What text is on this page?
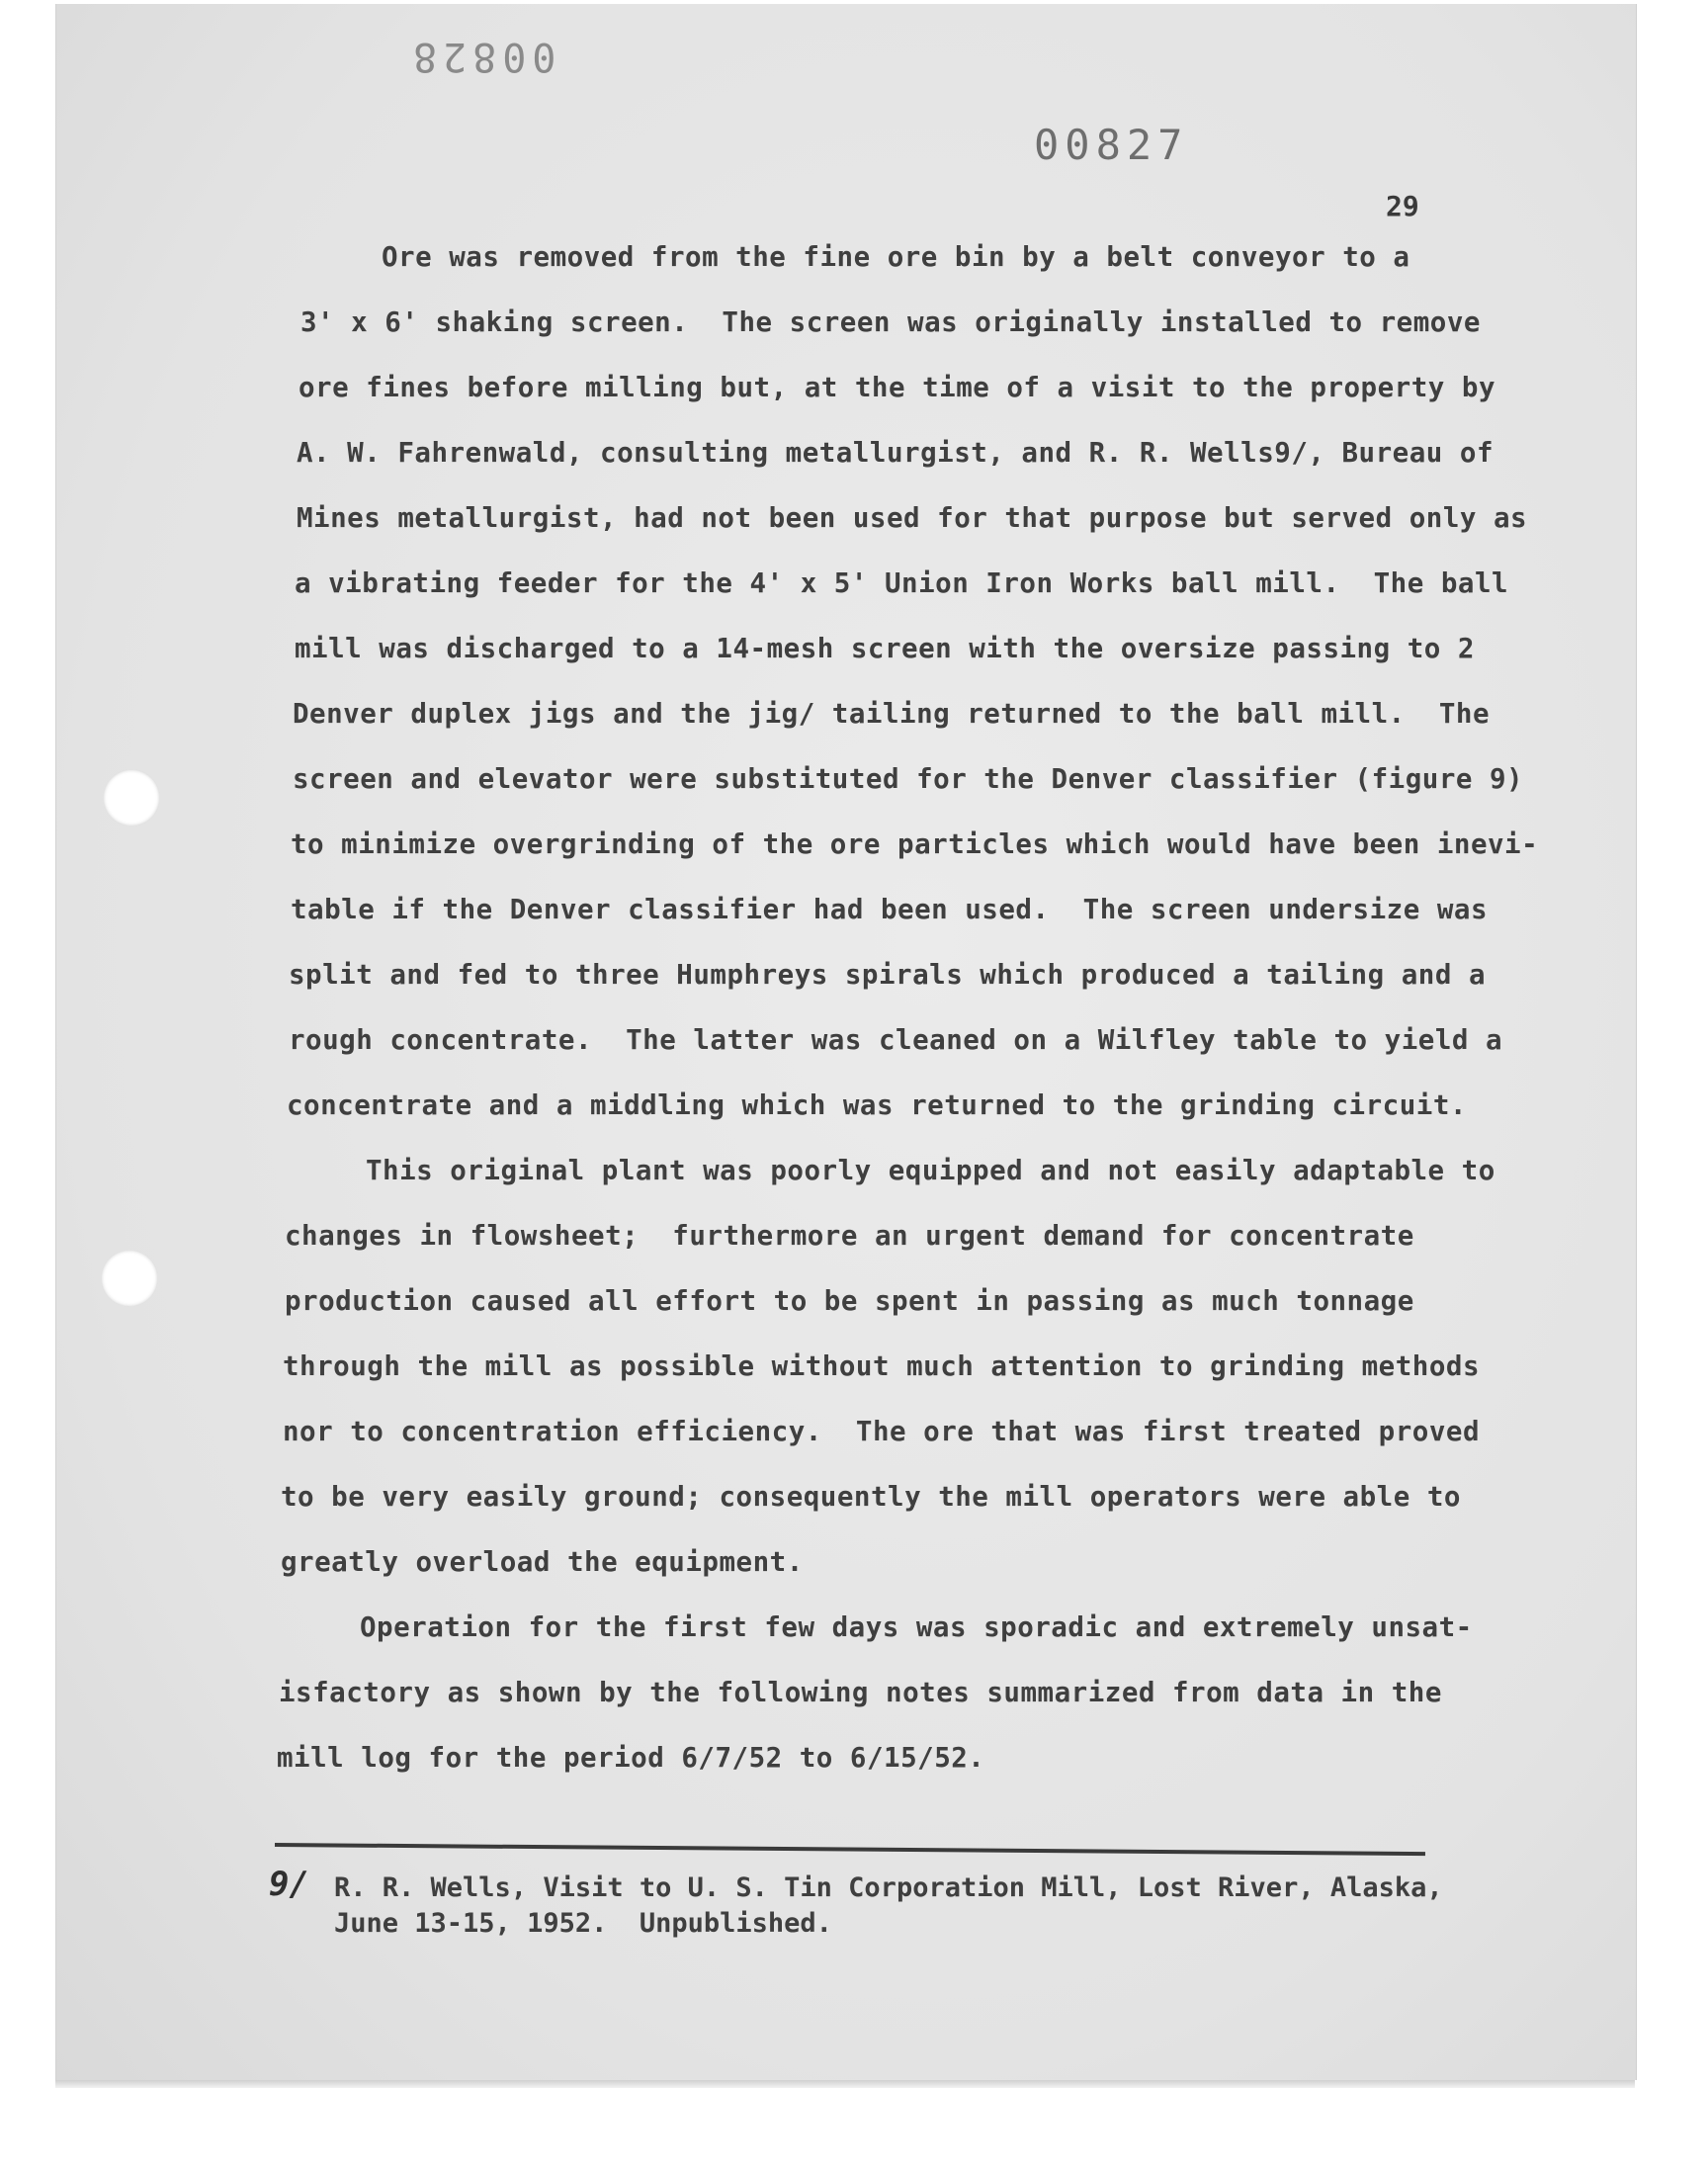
00828
00827
29
Ore was removed from the fine ore bin by a belt conveyor to a
3' x 6' shaking screen.  The screen was originally installed to remove
ore fines before milling but, at the time of a visit to the property by
A. W. Fahrenwald, consulting metallurgist, and R. R. Wells9/, Bureau of
Mines metallurgist, had not been used for that purpose but served only as
a vibrating feeder for the 4' x 5' Union Iron Works ball mill.  The ball
mill was discharged to a 14-mesh screen with the oversize passing to 2
Denver duplex jigs and the jig/ tailing returned to the ball mill.  The
screen and elevator were substituted for the Denver classifier (figure 9)
to minimize overgrinding of the ore particles which would have been inevi-
table if the Denver classifier had been used.  The screen undersize was
split and fed to three Humphreys spirals which produced a tailing and a
rough concentrate.  The latter was cleaned on a Wilfley table to yield a
concentrate and a middling which was returned to the grinding circuit.
This original plant was poorly equipped and not easily adaptable to
changes in flowsheet;  furthermore an urgent demand for concentrate
production caused all effort to be spent in passing as much tonnage
through the mill as possible without much attention to grinding methods
nor to concentration efficiency.  The ore that was first treated proved
to be very easily ground; consequently the mill operators were able to
greatly overload the equipment.
Operation for the first few days was sporadic and extremely unsat-
isfactory as shown by the following notes summarized from data in the
mill log for the period 6/7/52 to 6/15/52.
9/ R. R. Wells, Visit to U. S. Tin Corporation Mill, Lost River, Alaska,
June 13-15, 1952.  Unpublished.
